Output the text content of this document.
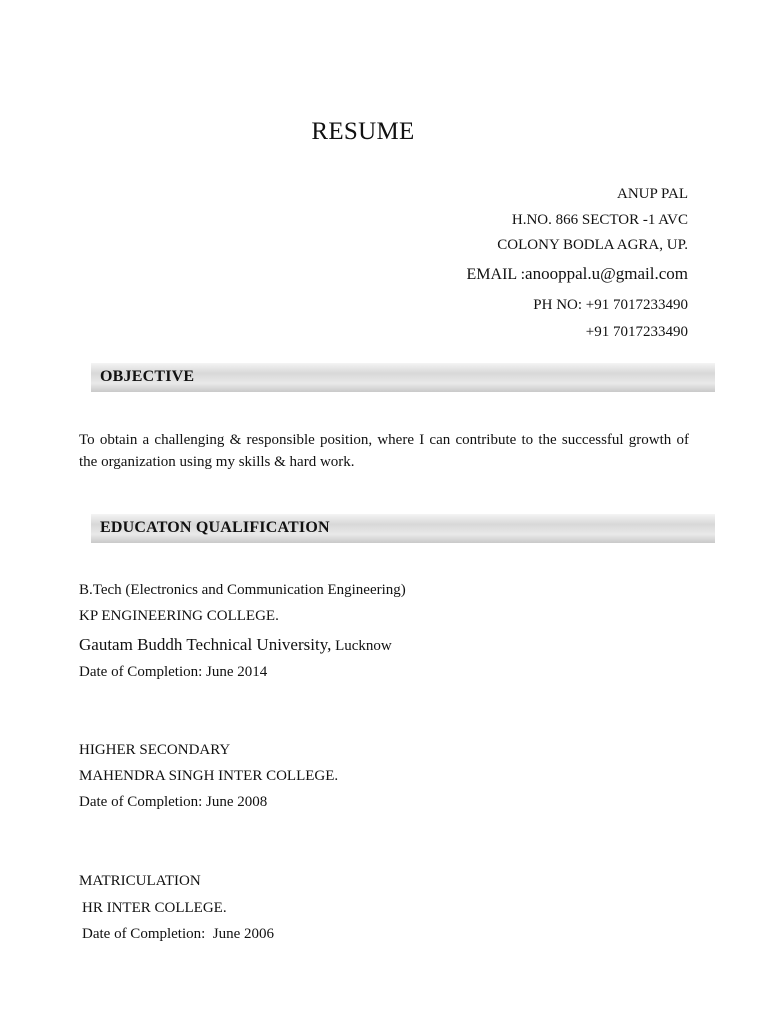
RESUME
ANUP PAL
H.NO. 866 SECTOR -1 AVC
COLONY BODLA AGRA, UP.
EMAIL :anooppal.u@gmail.com
PH NO: +91 7017233490
+91 7017233490
OBJECTIVE

To obtain a challenging & responsible position, where I can contribute to the successful growth of the organization using my skills & hard work.

EDUCATON QUALIFICATION
B.Tech (Electronics and Communication Engineering)
KP ENGINEERING COLLEGE.
Gautam Buddh Technical University, Lucknow
Date of Completion: June 2014
HIGHER SECONDARY
MAHENDRA SINGH INTER COLLEGE.
Date of Completion: June 2008
MATRICULATION
HR INTER COLLEGE.
Date of Completion:  June 2006
